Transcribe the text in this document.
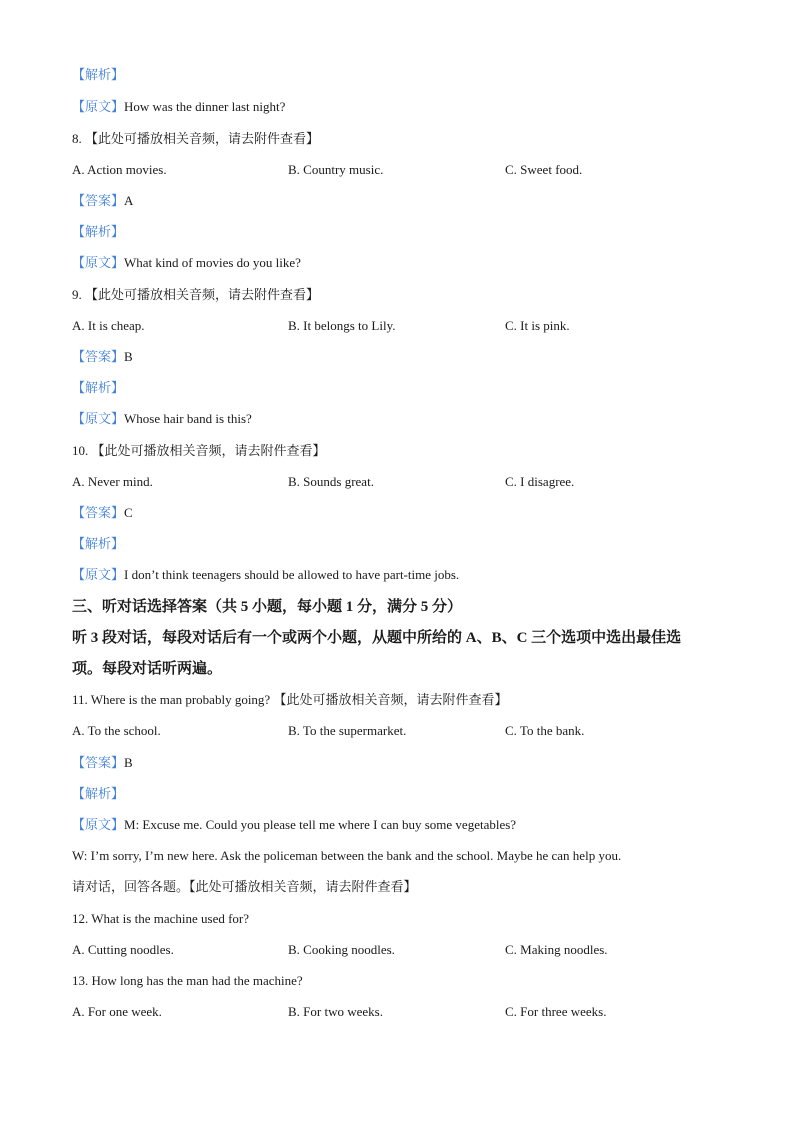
【解析】
【原文】How was the dinner last night?
8. 【此处可播放相关音频，请去附件查看】
A. Action movies.	B. Country music.	C. Sweet food.
【答案】A
【解析】
【原文】What kind of movies do you like?
9. 【此处可播放相关音频，请去附件查看】
A. It is cheap.	B. It belongs to Lily.	C. It is pink.
【答案】B
【解析】
【原文】Whose hair band is this?
10. 【此处可播放相关音频，请去附件查看】
A. Never mind.	B. Sounds great.	C. I disagree.
【答案】C
【解析】
【原文】I don’t think teenagers should be allowed to have part-time jobs.
三、听对话选择答案（共 5 小题，每小题 1 分，满分 5 分）
听 3 段对话，每段对话后有一个或两个小题，从题中所给的 A、B、C 三个选项中选出最佳选
项。每段对话听两遍。
11. Where is the man probably going? 【此处可播放相关音频，请去附件查看】
A. To the school.	B. To the supermarket.	C. To the bank.
【答案】B
【解析】
【原文】M: Excuse me. Could you please tell me where I can buy some vegetables?
W: I’m sorry, I’m new here. Ask the policeman between the bank and the school. Maybe he can help you.
请对话，回答各题。【此处可播放相关音频，请去附件查看】
12. What is the machine used for?
A. Cutting noodles.	B. Cooking noodles.	C. Making noodles.
13. How long has the man had the machine?
A. For one week.	B. For two weeks.	C. For three weeks.
